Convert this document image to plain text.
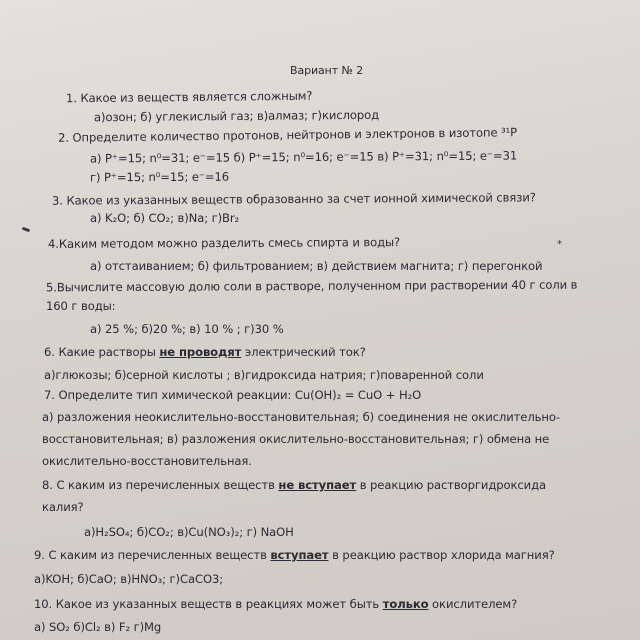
Вариант № 2
1. Какое из веществ является сложным?
а)озон; б) углекислый газ; в)алмаз; г)кислород
2. Определите количество протонов, нейтронов и электронов в изотопе ³¹P
а) P⁺=15; n⁰=31; e⁻=15 б) P⁺=15; n⁰=16; e⁻=15 в) P⁺=31; n⁰=15; e⁻=31
г) P⁺=15; n⁰=15; e⁻=16
3. Какое из указанных веществ образованно за счет ионной химической связи?
а) K₂O; б) CO₂; в)Na; г)Br₂
*
4.Каким методом можно разделить смесь спирта и воды?
а) отстаиванием; б) фильтрованием; в) действием магнита; г) перегонкой
5.Вычислите массовую долю соли в растворе, полученном при растворении 40 г соли в
160 г воды:
а) 25 %; б)20 %; в) 10 % ; г)30 %
6. Какие растворы не проводят электрический ток?
а)глюкозы; б)серной кислоты ; в)гидроксида натрия; г)поваренной соли
7. Определите тип химической реакции: Cu(OH)₂ = CuO + H₂O
а) разложения неокислительно-восстановительная; б) соединения не окислительно-
восстановительная; в) разложения окислительно-восстановительная; г) обмена не
окислительно-восстановительная.
8. С каким из перечисленных веществ не вступает в реакцию растворгидроксида
калия?
а)H₂SO₄; б)CO₂; в)Cu(NO₃)₂; г) NaOH
9. С каким из перечисленных веществ вступает в реакцию раствор хлорида магния?
а)KOH; б)CaO; в)HNO₃; г)CaCO3;
10. Какое из указанных веществ в реакциях может быть только окислителем?
а) SO₂ б)Cl₂ в) F₂ г)Mg
